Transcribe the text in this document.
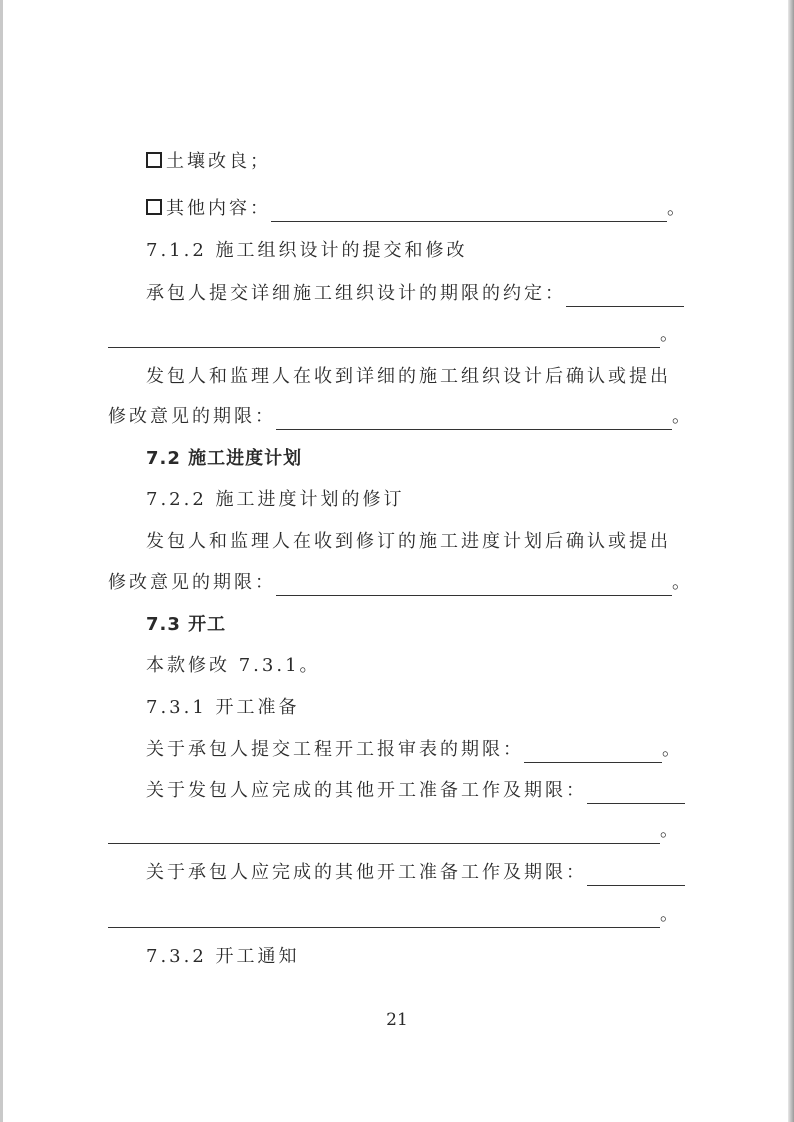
土壤改良；
其他内容：	。
7.1.2 施工组织设计的提交和修改
承包人提交详细施工组织设计的期限的约定：
。
发包人和监理人在收到详细的施工组织设计后确认或提出
修改意见的期限：	。
7.2 施工进度计划
7.2.2 施工进度计划的修订
发包人和监理人在收到修订的施工进度计划后确认或提出
修改意见的期限：	。
7.3 开工
本款修改 7.3.1。
7.3.1 开工准备
关于承包人提交工程开工报审表的期限：	。
关于发包人应完成的其他开工准备工作及期限：
。
关于承包人应完成的其他开工准备工作及期限：
。
7.3.2 开工通知
21
